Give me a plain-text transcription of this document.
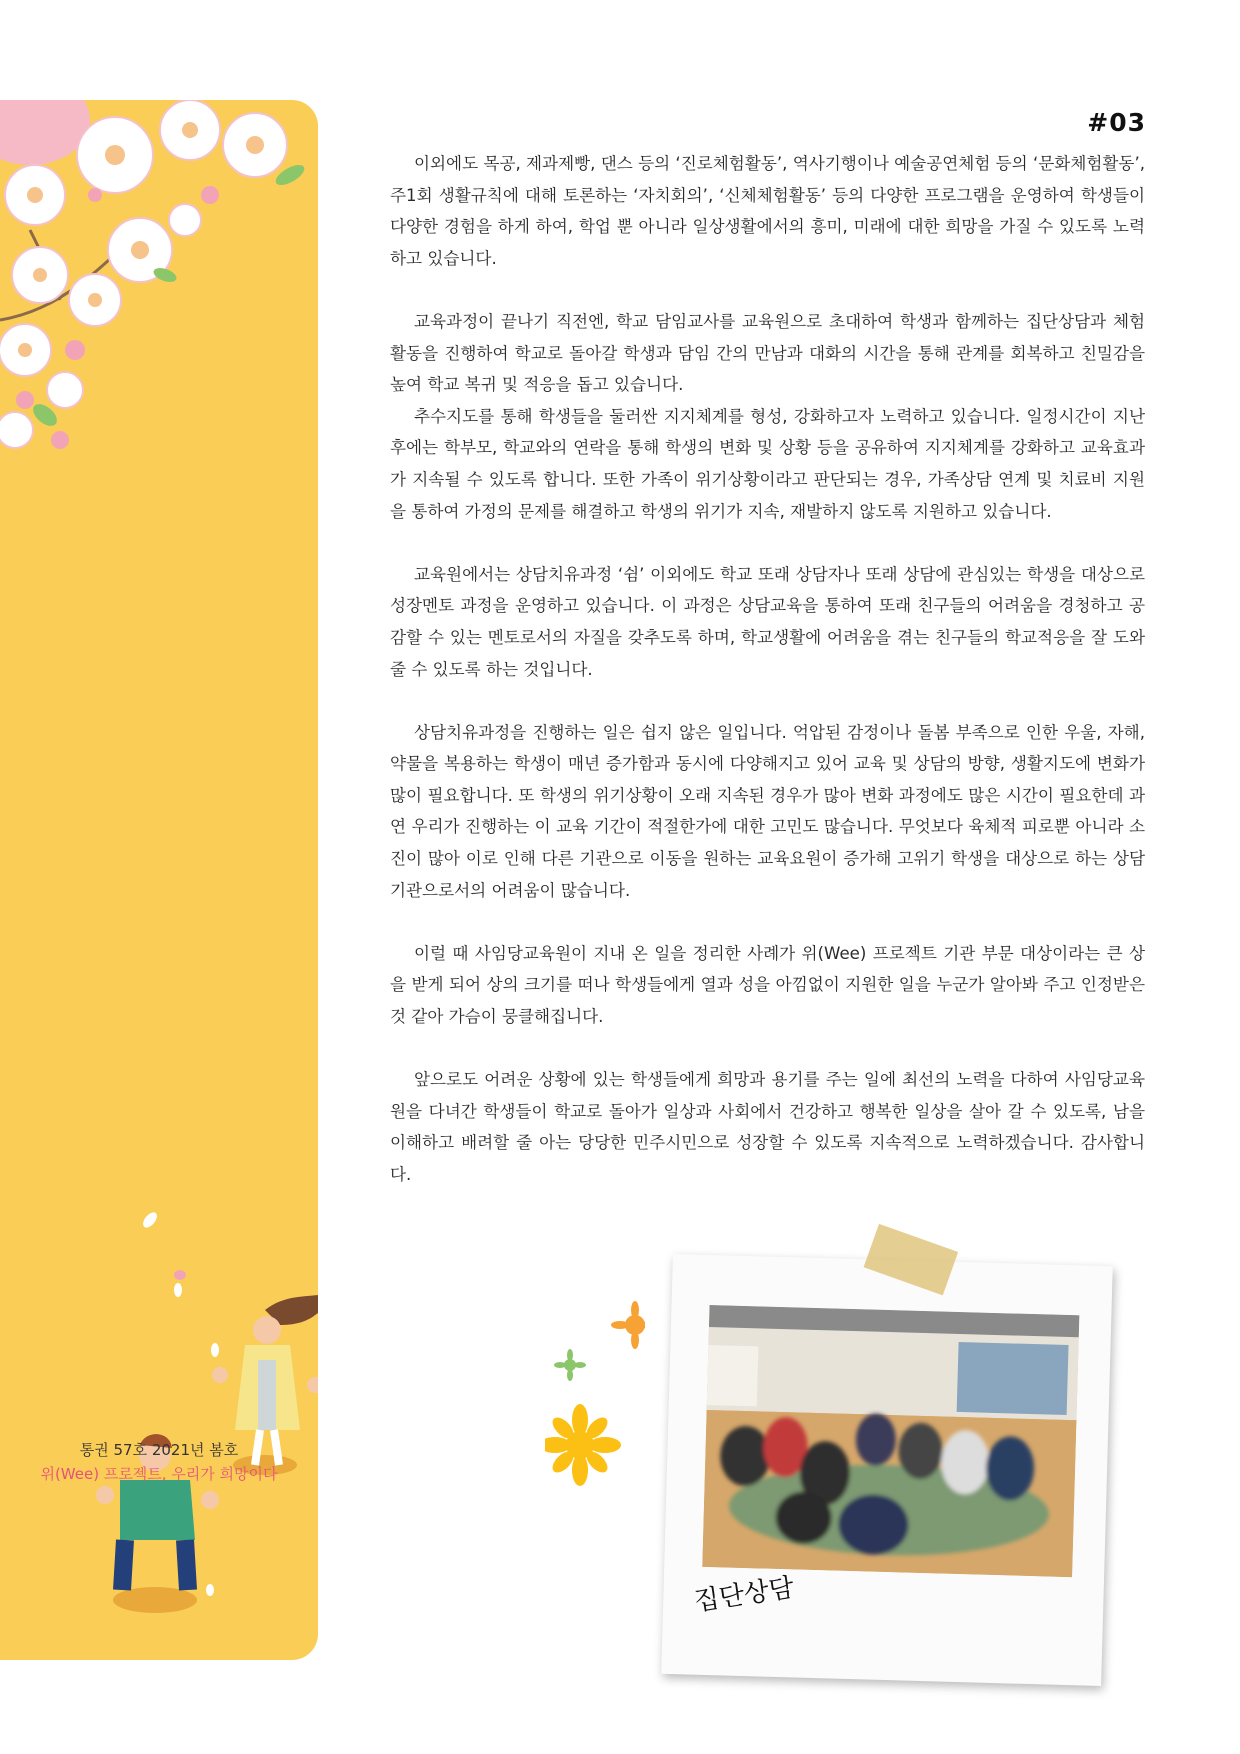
통권 57호 2021년 봄호
위(Wee) 프로젝트, 우리가 희망이다
#03

이외에도 목공, 제과제빵, 댄스 등의 ‘진로체험활동’, 역사기행이나 예술공연체험 등의 ‘문화체험활동’, 주1회 생활규칙에 대해 토론하는 ‘자치회의’, ‘신체체험활동’ 등의 다양한 프로그램을 운영하여 학생들이 다양한 경험을 하게 하여, 학업 뿐 아니라 일상생활에서의 흥미, 미래에 대한 희망을 가질 수 있도록 노력하고 있습니다.

교육과정이 끝나기 직전엔, 학교 담임교사를 교육원으로 초대하여 학생과 함께하는 집단상담과 체험활동을 진행하여 학교로 돌아갈 학생과 담임 간의 만남과 대화의 시간을 통해 관계를 회복하고 친밀감을 높여 학교 복귀 및 적응을 돕고 있습니다.

추수지도를 통해 학생들을 둘러싼 지지체계를 형성, 강화하고자 노력하고 있습니다. 일정시간이 지난 후에는 학부모, 학교와의 연락을 통해 학생의 변화 및 상황 등을 공유하여 지지체계를 강화하고 교육효과가 지속될 수 있도록 합니다. 또한 가족이 위기상황이라고 판단되는 경우, 가족상담 연계 및 치료비 지원을 통하여 가정의 문제를 해결하고 학생의 위기가 지속, 재발하지 않도록 지원하고 있습니다.

교육원에서는 상담치유과정 ‘쉼’ 이외에도 학교 또래 상담자나 또래 상담에 관심있는 학생을 대상으로 성장멘토 과정을 운영하고 있습니다. 이 과정은 상담교육을 통하여 또래 친구들의 어려움을 경청하고 공감할 수 있는 멘토로서의 자질을 갖추도록 하며, 학교생활에 어려움을 겪는 친구들의 학교적응을 잘 도와 줄 수 있도록 하는 것입니다.

상담치유과정을 진행하는 일은 쉽지 않은 일입니다. 억압된 감정이나 돌봄 부족으로 인한 우울, 자해, 약물을 복용하는 학생이 매년 증가함과 동시에 다양해지고 있어 교육 및 상담의 방향, 생활지도에 변화가 많이 필요합니다. 또 학생의 위기상황이 오래 지속된 경우가 많아 변화 과정에도 많은 시간이 필요한데 과연 우리가 진행하는 이 교육 기간이 적절한가에 대한 고민도 많습니다. 무엇보다 육체적 피로뿐 아니라 소진이 많아 이로 인해 다른 기관으로 이동을 원하는 교육요원이 증가해 고위기 학생을 대상으로 하는 상담기관으로서의 어려움이 많습니다.

이럴 때 사임당교육원이 지내 온 일을 정리한 사례가 위(Wee) 프로젝트 기관 부문 대상이라는 큰 상을 받게 되어 상의 크기를 떠나 학생들에게 열과 성을 아낌없이 지원한 일을 누군가 알아봐 주고 인정받은 것 같아 가슴이 뭉클해집니다.

앞으로도 어려운 상황에 있는 학생들에게 희망과 용기를 주는 일에 최선의 노력을 다하여 사임당교육원을 다녀간 학생들이 학교로 돌아가 일상과 사회에서 건강하고 행복한 일상을 살아 갈 수 있도록, 남을 이해하고 배려할 줄 아는 당당한 민주시민으로 성장할 수 있도록 지속적으로 노력하겠습니다. 감사합니다.

집단상담
